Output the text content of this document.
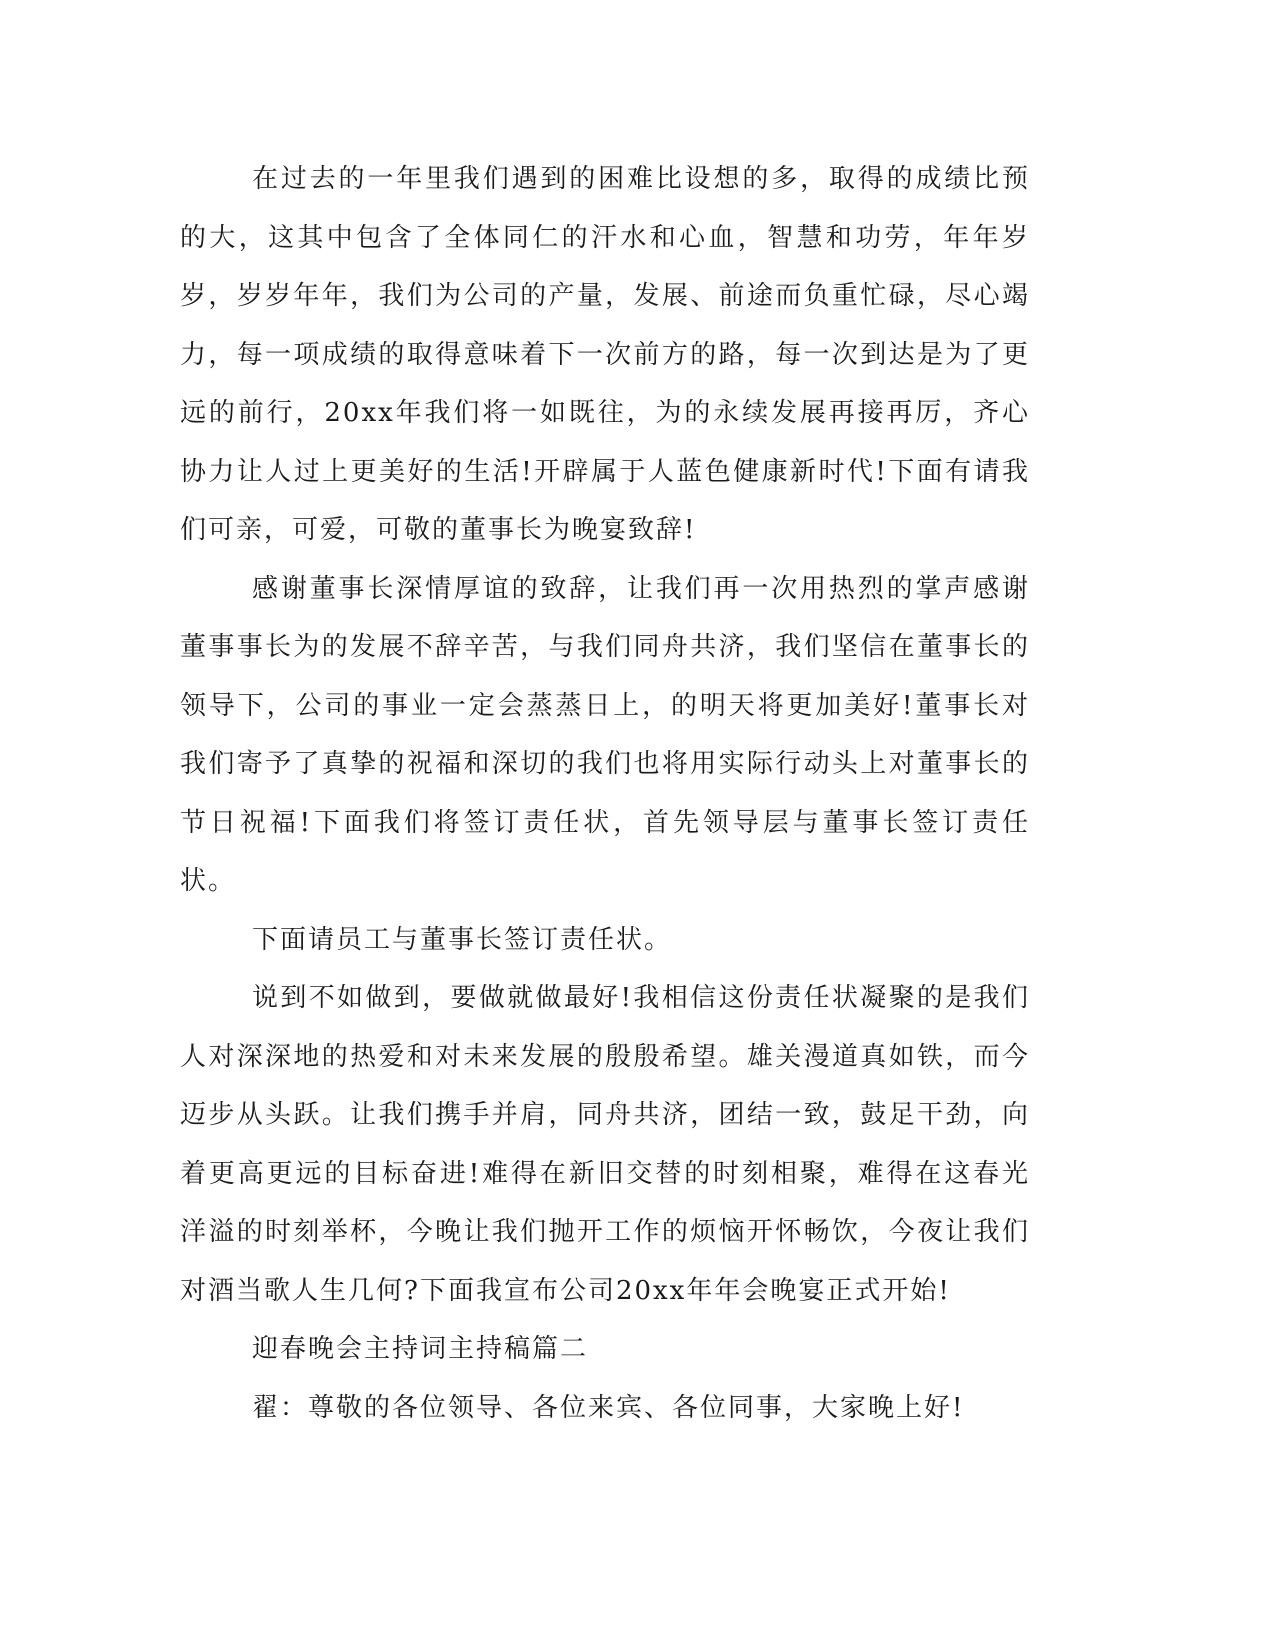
在过去的一年里我们遇到的困难比设想的多，取得的成绩比预的大，这其中包含了全体同仁的汗水和心血，智慧和功劳，年年岁岁，岁岁年年，我们为公司的产量，发展、前途而负重忙碌，尽心竭力，每一项成绩的取得意味着下一次前方的路，每一次到达是为了更远的前行，20xx年我们将一如既往，为的永续发展再接再厉，齐心协力让人过上更美好的生活!开辟属于人蓝色健康新时代!下面有请我们可亲，可爱，可敬的董事长为晚宴致辞!

感谢董事长深情厚谊的致辞，让我们再一次用热烈的掌声感谢董事事长为的发展不辞辛苦，与我们同舟共济，我们坚信在董事长的领导下，公司的事业一定会蒸蒸日上，的明天将更加美好!董事长对我们寄予了真挚的祝福和深切的我们也将用实际行动头上对董事长的节日祝福!下面我们将签订责任状，首先领导层与董事长签订责任状。

下面请员工与董事长签订责任状。

说到不如做到，要做就做最好!我相信这份责任状凝聚的是我们人对深深地的热爱和对未来发展的殷殷希望。雄关漫道真如铁，而今迈步从头跃。让我们携手并肩，同舟共济，团结一致，鼓足干劲，向着更高更远的目标奋进!难得在新旧交替的时刻相聚，难得在这春光洋溢的时刻举杯，今晚让我们抛开工作的烦恼开怀畅饮，今夜让我们对酒当歌人生几何?下面我宣布公司20xx年年会晚宴正式开始!

迎春晚会主持词主持稿篇二

翟：尊敬的各位领导、各位来宾、各位同事，大家晚上好!
